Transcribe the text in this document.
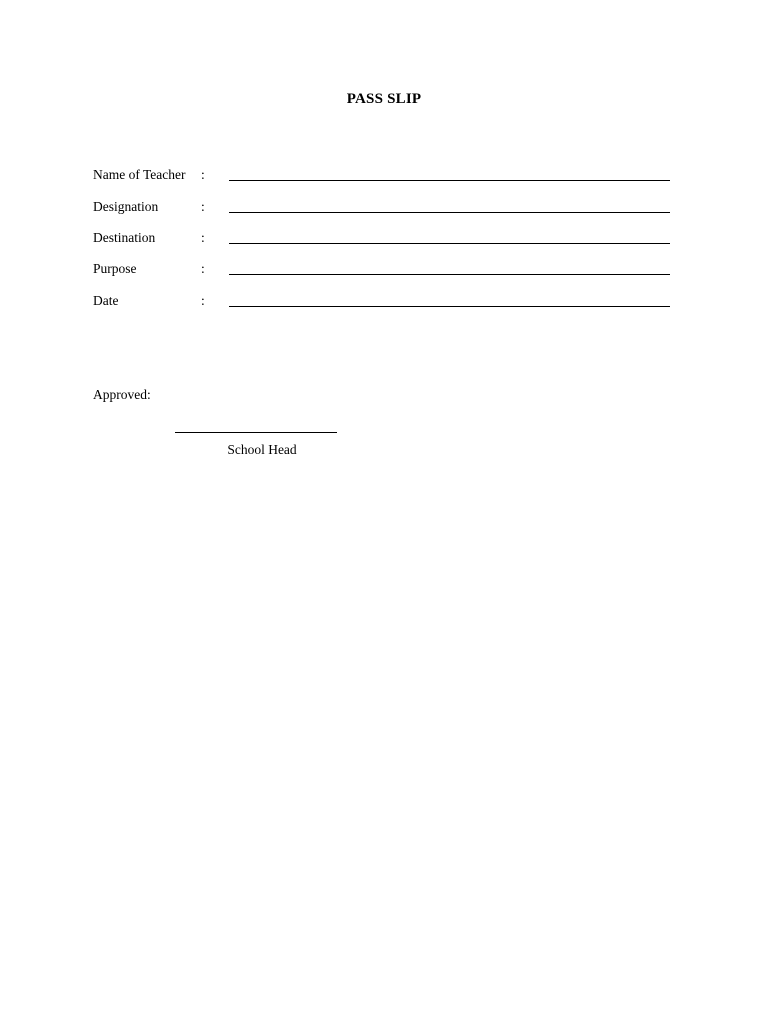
PASS SLIP
Name of Teacher :
Designation	:
Destination	:
Purpose	:
Date	:
Approved:
School Head
